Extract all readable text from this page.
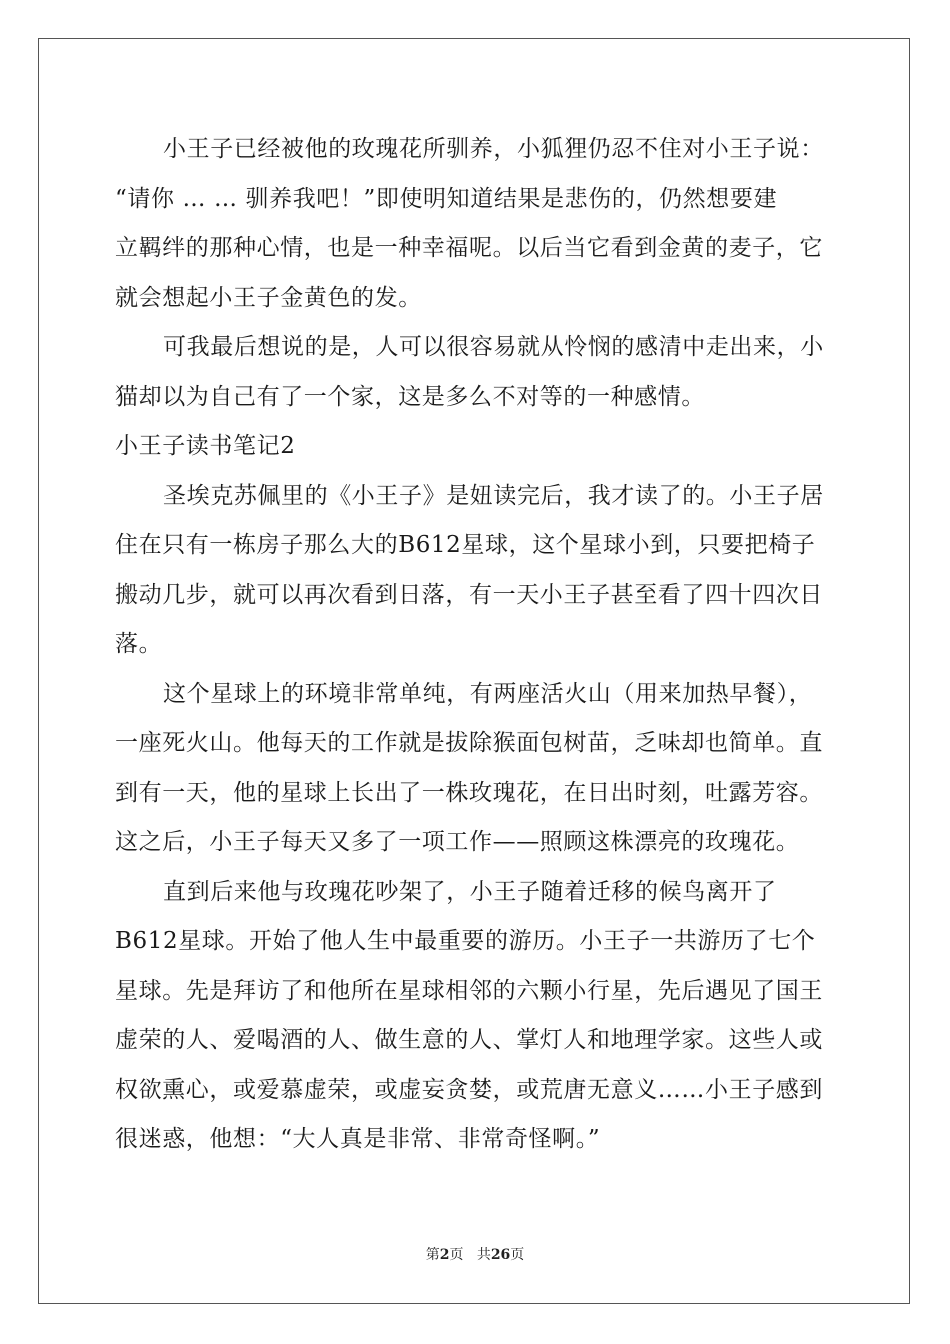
小王子已经被他的玫瑰花所驯养，小狐狸仍忍不住对小王子说：
“请你 … … 驯养我吧！”即使明知道结果是悲伤的，仍然想要建
立羁绊的那种心情，也是一种幸福呢。以后当它看到金黄的麦子，它
就会想起小王子金黄色的发。
可我最后想说的是，人可以很容易就从怜悯的感清中走出来，小
猫却以为自己有了一个家，这是多么不对等的一种感情。
小王子读书笔记2
圣埃克苏佩里的《小王子》是妞读完后，我才读了的。小王子居
住在只有一栋房子那么大的B612星球，这个星球小到，只要把椅子
搬动几步，就可以再次看到日落，有一天小王子甚至看了四十四次日
落。
这个星球上的环境非常单纯，有两座活火山（用来加热早餐），
一座死火山。他每天的工作就是拔除猴面包树苗，乏味却也简单。直
到有一天，他的星球上长出了一株玫瑰花，在日出时刻，吐露芳容。
这之后，小王子每天又多了一项工作——照顾这株漂亮的玫瑰花。
直到后来他与玫瑰花吵架了，小王子随着迁移的候鸟离开了
B612星球。开始了他人生中最重要的游历。小王子一共游历了七个
星球。先是拜访了和他所在星球相邻的六颗小行星，先后遇见了国王
虚荣的人、爱喝酒的人、做生意的人、掌灯人和地理学家。这些人或
权欲熏心，或爱慕虚荣，或虚妄贪婪，或荒唐无意义……小王子感到
很迷惑，他想：“大人真是非常、非常奇怪啊。”
第2页 共26页
